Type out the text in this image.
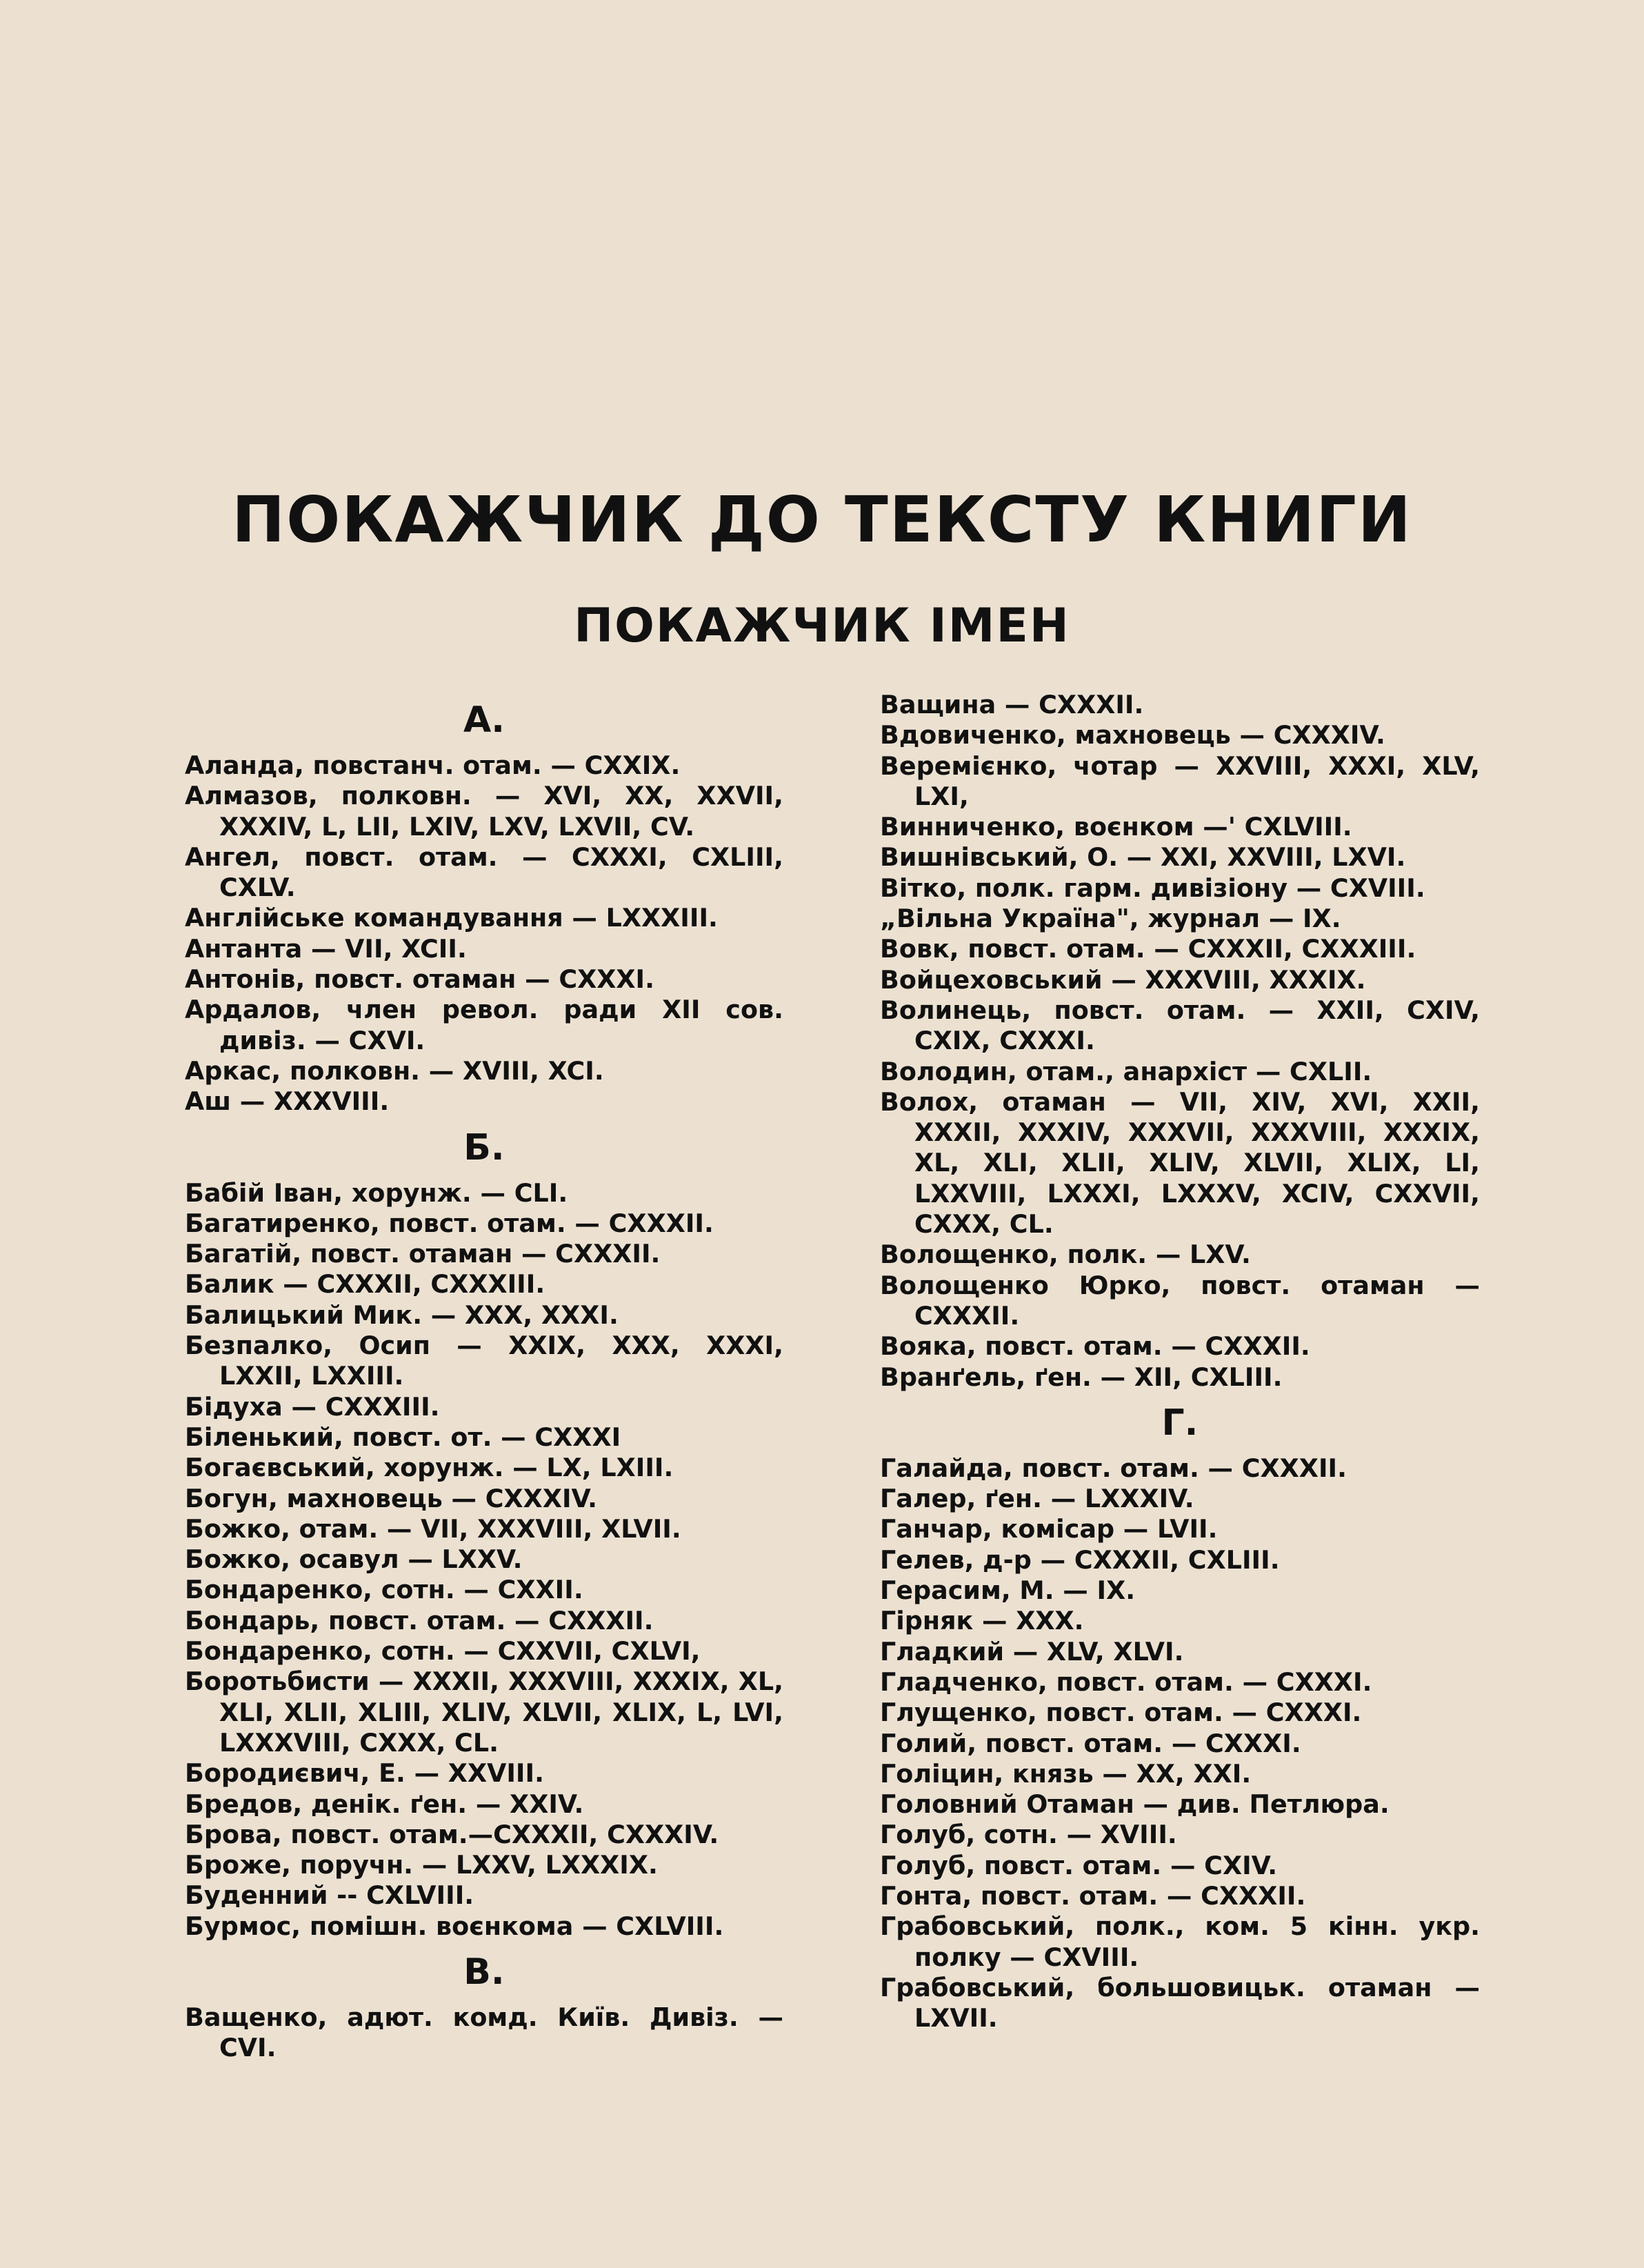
ПОКАЖЧИК ДО ТЕКСТУ КНИГИ
ПОКАЖЧИК ІМЕН
А.

Аланда, повстанч. отам. — CXXIX.

Алмазов, полковн. — XVI, XX, XXVII, XXXIV, L, LII, LXIV, LXV, LXVII, CV.

Ангел, повст. отам. — CXXXI, CXLIII, CXLV.

Англійське командування — LXXXIII.

Антанта — VII, XCII.

Антонів, повст. отаман — CXXXI.

Ардалов, член револ. ради XII сов. дивіз. — CXVI.

Аркас, полковн. — XVIII, XCI.

Аш — XXXVIII.

Б.

Бабій Іван, хорунж. — CLI.

Багатиренко, повст. отам. — CXXXII.

Багатій, повст. отаман — CXXXII.

Балик — CXXXII, CXXXIII.

Балицький Мик. — XXX, XXXI.

Безпалко, Осип — XXIX, XXX, XXXI, LXXII, LXXIII.

Бідуха — CXXXIII.

Біленький, повст. от. — CXXXI

Богаєвський, хорунж. — LX, LXIII.

Богун, махновець — CXXXIV.

Божко, отам. — VII, XXXVIII, XLVII.

Божко, осавул — LXXV.

Бондаренко, сотн. — CXXII.

Бондарь, повст. отам. — CXXXII.

Бондаренко, сотн. — CXXVII, CXLVI,

Боротьбисти — XXXII, XXXVIII, XXXIX, XL, XLI, XLII, XLIII, XLIV, XLVII, XLIX, L, LVI, LXXXVIII, CXXX, CL.

Бородиєвич, Е. — XXVIII.

Бредов, денік. ґен. — XXIV.

Брова, повст. отам.—CXXXII, CXXXIV.

Броже, поручн. — LXXV, LXXXIX.

Буденний -- CXLVIII.

Бурмос, помішн. воєнкома — CXLVIII.

В.

Ващенко, адют. комд. Київ. Дивіз. — CVI.

Ващина — CXXXII.

Вдовиченко, махновець — CXXXIV.

Веремієнко, чотар — XXVIII, XXXI, XLV, LXI,

Винниченко, воєнком —' CXLVIII.

Вишнівський, О. — XXI, XXVIII, LXVI.

Вітко, полк. гарм. дивізіону — CXVIII.

„Вільна Україна", журнал — IX.

Вовк, повст. отам. — CXXXII, CXXXIII.

Войцеховський — XXXVIII, XXXIX.

Волинець, повст. отам. — XXII, CXIV, CXIX, CXXXI.

Володин, отам., анархіст — CXLII.

Волох, отаман — VII, XIV, XVI, XXII, XXXII, XXXIV, XXXVII, XXXVIII, XXXIX, XL, XLI, XLII, XLIV, XLVII, XLIX, LI, LXXVIII, LXXXI, LXXXV, XCIV, CXXVII, CXXX, CL.

Волощенко, полк. — LXV.

Волощенко Юрко, повст. отаман — CXXXII.

Вояка, повст. отам. — CXXXII.

Вранґель, ґен. — XII, CXLIII.

Г.

Галайда, повст. отам. — CXXXII.

Галер, ґен. — LXXXIV.

Ганчар, комісар — LVII.

Гелев, д-р — CXXXII, CXLIII.

Герасим, М. — IX.

Гірняк — XXX.

Гладкий — XLV, XLVI.

Гладченко, повст. отам. — CXXXI.

Глущенко, повст. отам. — CXXXI.

Голий, повст. отам. — CXXXI.

Голіцин, князь — XX, XXI.

Головний Отаман — див. Петлюра.

Голуб, сотн. — XVIII.

Голуб, повст. отам. — CXIV.

Гонта, повст. отам. — CXXXII.

Грабовський, полк., ком. 5 кінн. укр. полку — CXVIII.

Грабовський, большовицьк. отаман — LXVII.
